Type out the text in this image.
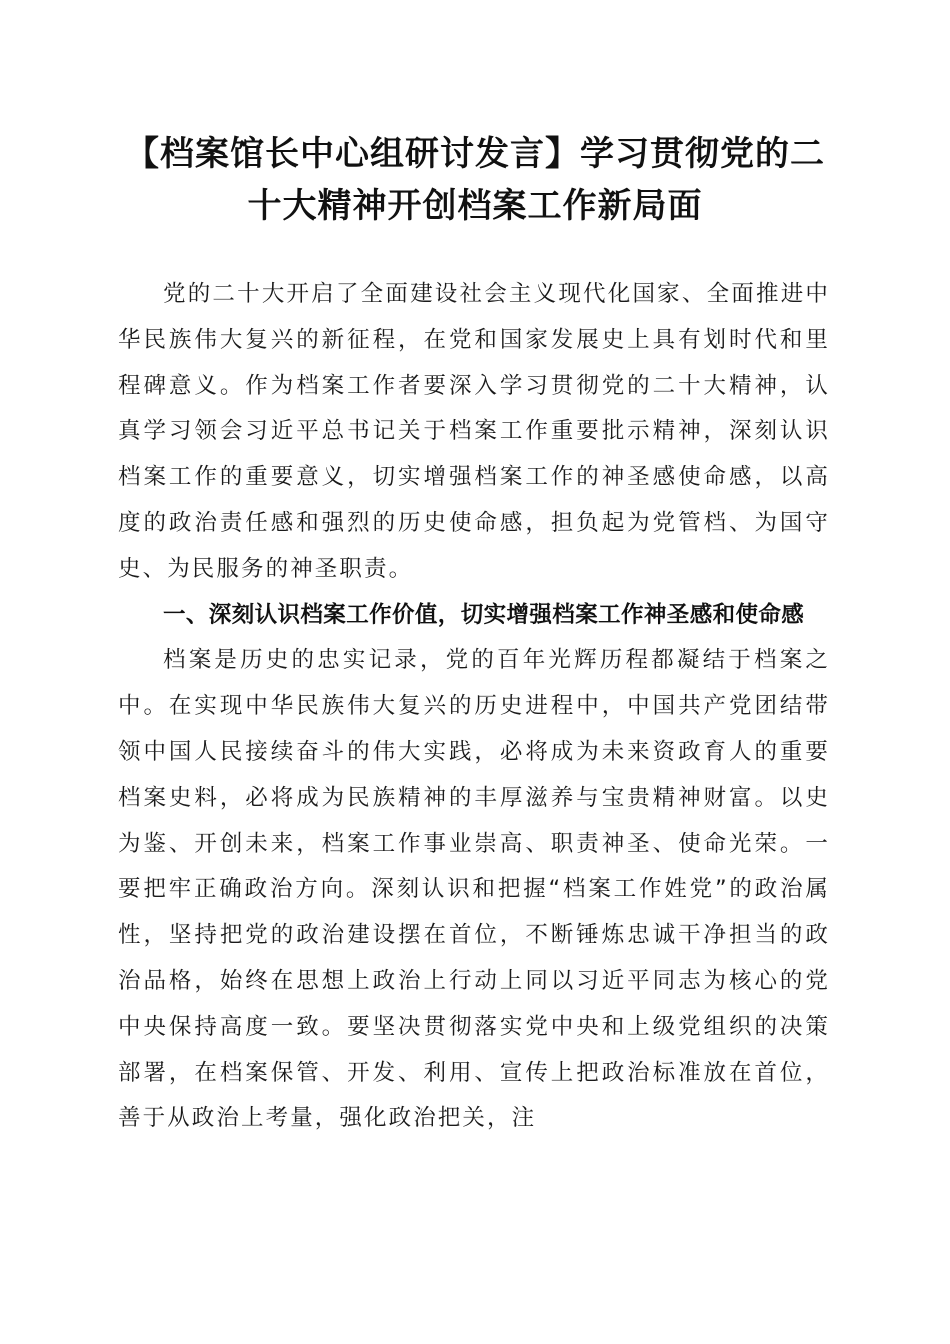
【档案馆长中心组研讨发言】学习贯彻党的二十大精神开创档案工作新局面

党的二十大开启了全面建设社会主义现代化国家、全面推进中华民族伟大复兴的新征程，在党和国家发展史上具有划时代和里程碑意义。作为档案工作者要深入学习贯彻党的二十大精神，认真学习领会习近平总书记关于档案工作重要批示精神，深刻认识档案工作的重要意义，切实增强档案工作的神圣感使命感，以高度的政治责任感和强烈的历史使命感，担负起为党管档、为国守史、为民服务的神圣职责。

一、深刻认识档案工作价值，切实增强档案工作神圣感和使命感

档案是历史的忠实记录，党的百年光辉历程都凝结于档案之中。在实现中华民族伟大复兴的历史进程中，中国共产党团结带领中国人民接续奋斗的伟大实践，必将成为未来资政育人的重要档案史料，必将成为民族精神的丰厚滋养与宝贵精神财富。以史为鉴、开创未来，档案工作事业崇高、职责神圣、使命光荣。一要把牢正确政治方向。深刻认识和把握“档案工作姓党”的政治属性，坚持把党的政治建设摆在首位，不断锤炼忠诚干净担当的政治品格，始终在思想上政治上行动上同以习近平同志为核心的党中央保持高度一致。要坚决贯彻落实党中央和上级党组织的决策部署，在档案保管、开发、利用、宣传上把政治标准放在首位，善于从政治上考量，强化政治把关，注
